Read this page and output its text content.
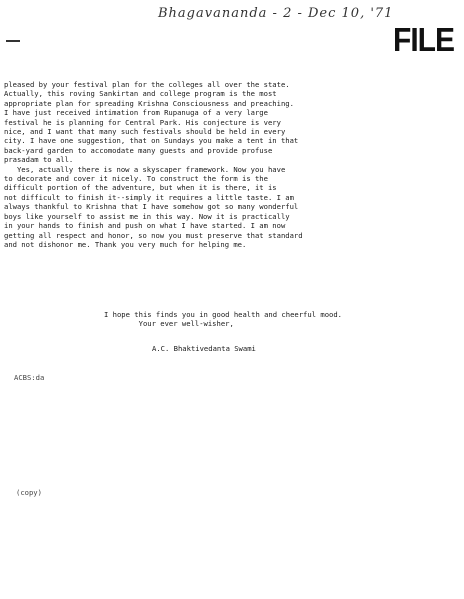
Bhagavananda - 2 - Dec 10, '71
FILE
pleased by your festival plan for the colleges all over the state.
Actually, this roving Sankirtan and college program is the most
appropriate plan for spreading Krishna Consciousness and preaching.
I have just received intimation from Rupanuga of a very large
festival he is planning for Central Park. His conjecture is very
nice, and I want that many such festivals should be held in every
city. I have one suggestion, that on Sundays you make a tent in that
back-yard garden to accomodate many guests and provide profuse
prasadam to all.
Yes, actually there is now a skyscaper framework. Now you have
to decorate and cover it nicely. To construct the form is the
difficult portion of the adventure, but when it is there, it is
not difficult to finish it--simply it requires a little taste. I am
always thankful to Krishna that I have somehow got so many wonderful
boys like yourself to assist me in this way. Now it is practically
in your hands to finish and push on what I have started. I am now
getting all respect and honor, so now you must preserve that standard
and not dishonor me. Thank you very much for helping me.
I hope this finds you in good health and cheerful mood.
Your ever well-wisher,
A.C. Bhaktivedanta Swami
ACBS:da
(copy)
